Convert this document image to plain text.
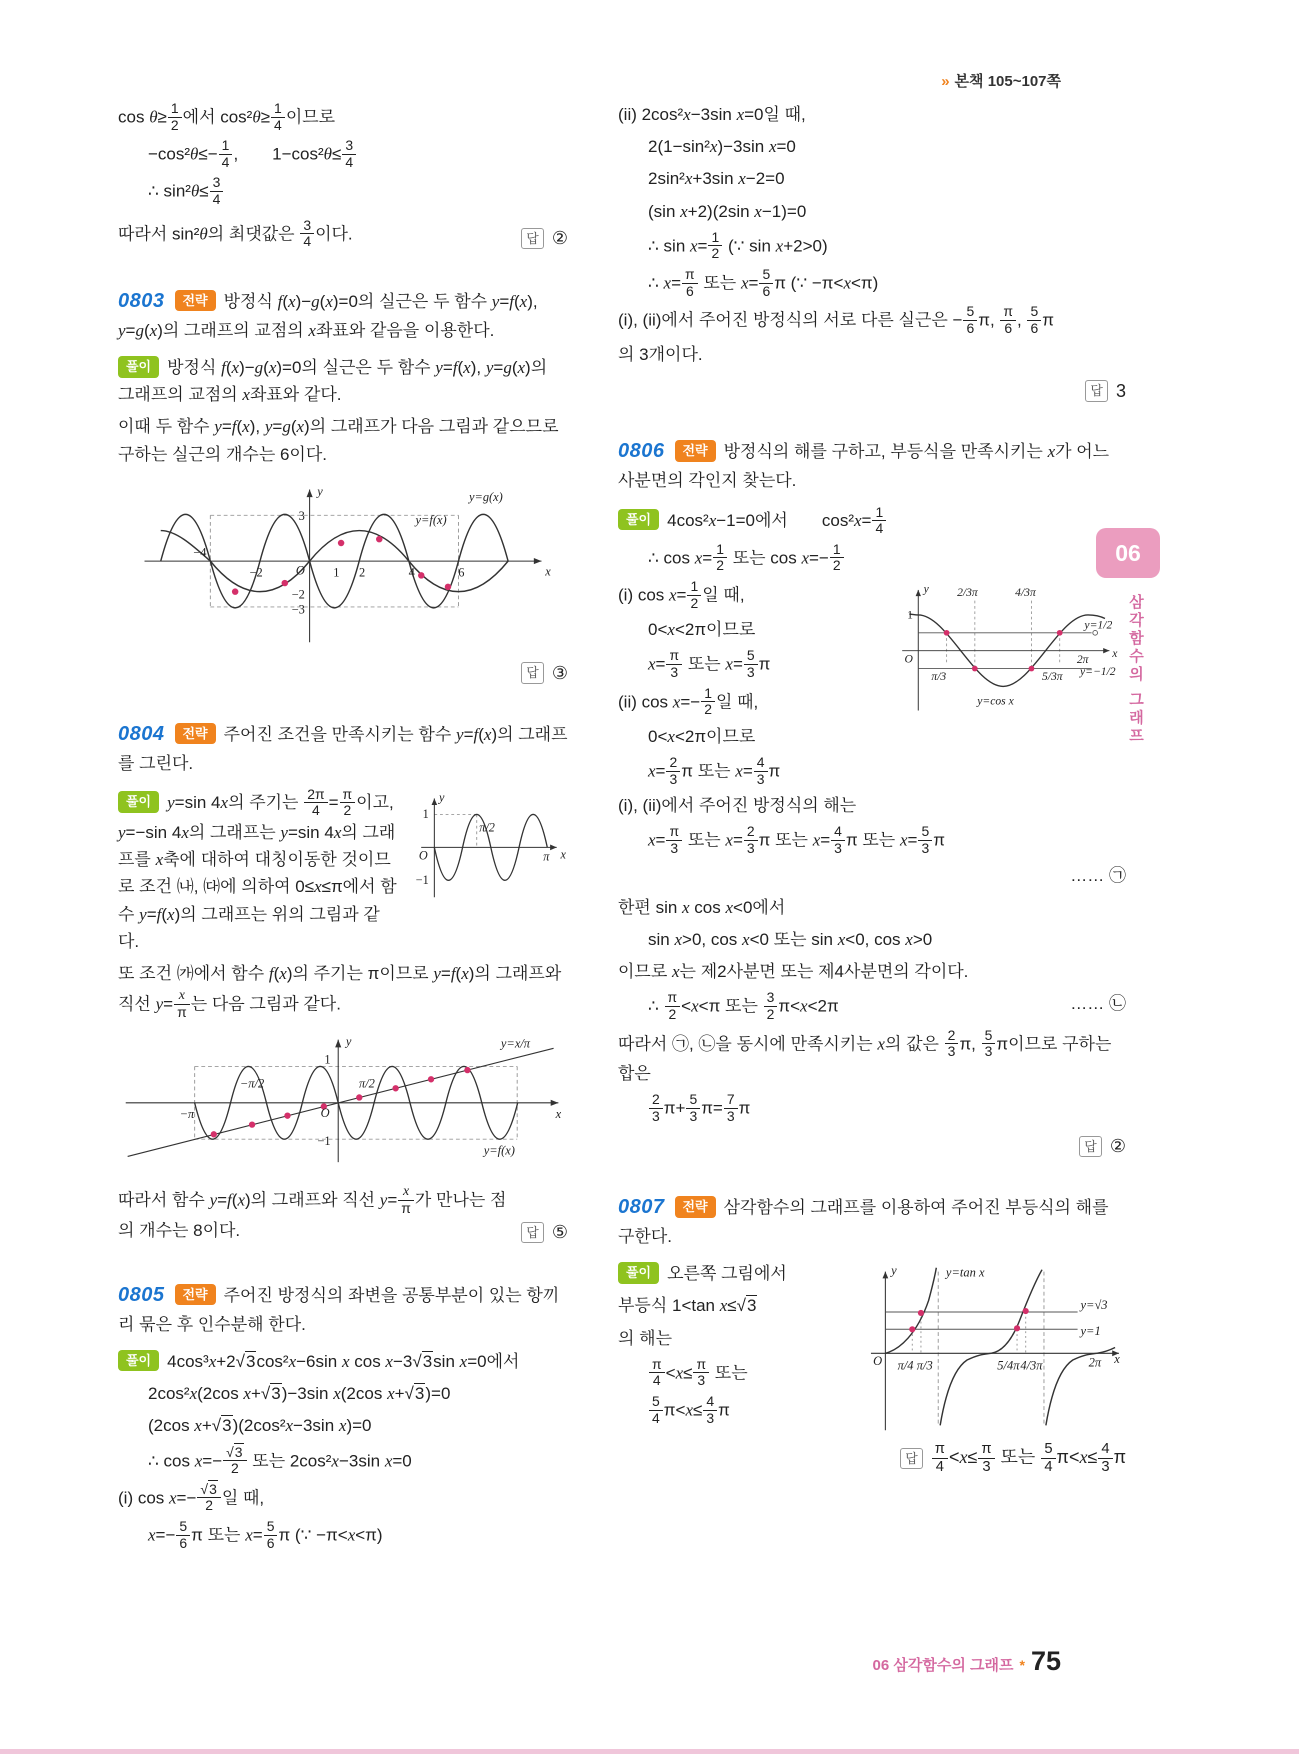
» 본책 105~107쪽
$\cos \theta\ge \frac{1}{2}$ 에서 $\cos^2\theta\ge \frac{1}{4}$ 이므로
$-\cos^2\theta\le- \frac{1}{4}$ ,  $1-\cos^2\theta\le \frac{3}{4}$
∴ $\sin^2\theta\le \frac{3}{4}$
따라서 sin²θ의 최댓값은 $\frac{3}{4}$ 이다.	답 ②
0803 전략 방정식 f(x)−g(x)=0의 실근은 두 함수 y=f(x), y=g(x)의 그래프의 교점의 x좌표와 같음을 이용한다.
풀이 방정식 f(x)−g(x)=0의 실근은 두 함수 y=f(x), y=g(x)의 그래프의 교점의 x좌표와 같다.
이때 두 함수 y=f(x), y=g(x)의 그래프가 다음 그림과 같으므로 구하는 실근의 개수는 6이다.
y
x
O
3
−2
−3
−4
−2	1 2	4	6
y=g(x)
y=f(x)
답 ③
0804 전략 주어진 조건을 만족시키는 함수 y=f(x)의 그래프를 그린다.
y
1
π/2
O	π x
−1
풀이 y=sin 4x의 주기는 $\frac{2\pi}{4} = \frac{\pi}{2}$ 이고, y=−sin 4x의 그래프는 y=sin 4x의 그래프를 x축에 대하여 대칭이동한 것이므로 조건 ㈏, ㈐에 의하여 0≤x≤π에서 함수 y=f(x)의 그래프는 위의 그림과 같다.
또 조건 ㈎에서 함수 f(x)의 주기는 π이므로 y=f(x)의 그래프와 직선 $y= \frac{x}{\pi}$ 는 다음 그림과 같다.
y
1
−π
−π/2
O
π/2
−1
x
y=x/π
y=f(x)
따라서 함수 y=f(x)의 그래프와 직선 $y= \frac{x}{\pi}$ 가 만나는 점의 개수는 8이다.	답 ⑤
0805 전략 주어진 방정식의 좌변을 공통부분이 있는 항끼리 묶은 후 인수분해 한다.
풀이 4cos³x+2√3cos²x−6sin x cos x−3√3sin x=0에서
2cos²x(2cos x+√3)−3sin x(2cos x+√3)=0
(2cos x+√3)(2cos²x−3sin x)=0
∴ $\cos x=- \frac{√3}{2}$ 또는 2cos²x−3sin x=0
(i) $\cos x=- \frac{√3}{2}$ 일 때,
$x=- \frac{5}{6}$ π 또는 $x= \frac{5}{6}$ π (∵ −π<x<π)
(ii) 2cos²x−3sin x=0일 때,
2(1−sin²x)−3sin x=0
2sin²x+3sin x−2=0
(sin x+2)(2sin x−1)=0
∴ $\sin x= \frac{1}{2}$ (∵ sin x+2>0)
∴ $x= \frac{\pi}{6}$ 또는 $x= \frac{5}{6}$ π (∵ −π<x<π)
(i), (ii)에서 주어진 방정식의 서로 다른 실근은 − $\frac{5}{6} \pi$, $\frac{\pi}{6}$ , $\frac{5}{6}$ π
의 3개이다.
답 3
0806 전략 방정식의 해를 구하고, 부등식을 만족시키는 x가 어느 사분면의 각인지 찾는다.
풀이 4cos²x−1=0에서  $\cos^2x= \frac{1}{4}$
∴ $\cos x= \frac{1}{2}$ 또는 $\cos x=- \frac{1}{2}$
y
1
2/3π	4/3π
y=1/2
O	2π x
π/3
y=cos x
5/3π y=−1/2
(i) $\cos x= \frac{1}{2}$ 일 때,
0<x<2π이므로
$x= \frac{\pi}{3}$ 또는 $x= \frac{5}{3}$ π
(ii) $\cos x=- \frac{1}{2}$ 일 때,
0<x<2π이므로
$x= \frac{2}{3}$ π 또는 $x= \frac{4}{3}$ π
(i), (ii)에서 주어진 방정식의 해는
$x= \frac{\pi}{3}$ 또는 $x= \frac{2}{3}$ π 또는 $x= \frac{4}{3}$ π 또는 $x= \frac{5}{3}$ π
…… ㉠
한편 sin x cos x<0에서
sin x>0, cos x<0 또는 sin x<0, cos x>0
이므로 x는 제2사분면 또는 제4사분면의 각이다.
∴ $\frac{\pi}{2} <x<\pi$ 또는 $\frac{3}{2} \pi<x<2\pi$	…… ㉡
따라서 ㉠, ㉡을 동시에 만족시키는 x의 값은 $\frac{2}{3} \pi$, $\frac{5}{3}$ π이므로 구하는 합은
$\frac{2}{3} \pi+ \frac{5}{3} \pi= \frac{7}{3}$ π
답 ②
0807 전략 삼각함수의 그래프를 이용하여 주어진 부등식의 해를 구한다.
y	y=tan x
y=√3
y=1
O π/4 π/3	5/4π 4/3π	2π x
풀이 오른쪽 그림에서
부등식 1<tan x≤√3
의 해는
$\frac{\pi}{4} <x\le \frac{\pi}{3}$ 또는
$\frac{5}{4} \pi<x\le \frac{4}{3}$ π
답 $\frac{\pi}{4} <x\le \frac{\pi}{3}$ 또는 $\frac{5}{4} \pi<x\le \frac{4}{3}$ π
06
삼각함수의 그래프
06 삼각함수의 그래프 * 75
